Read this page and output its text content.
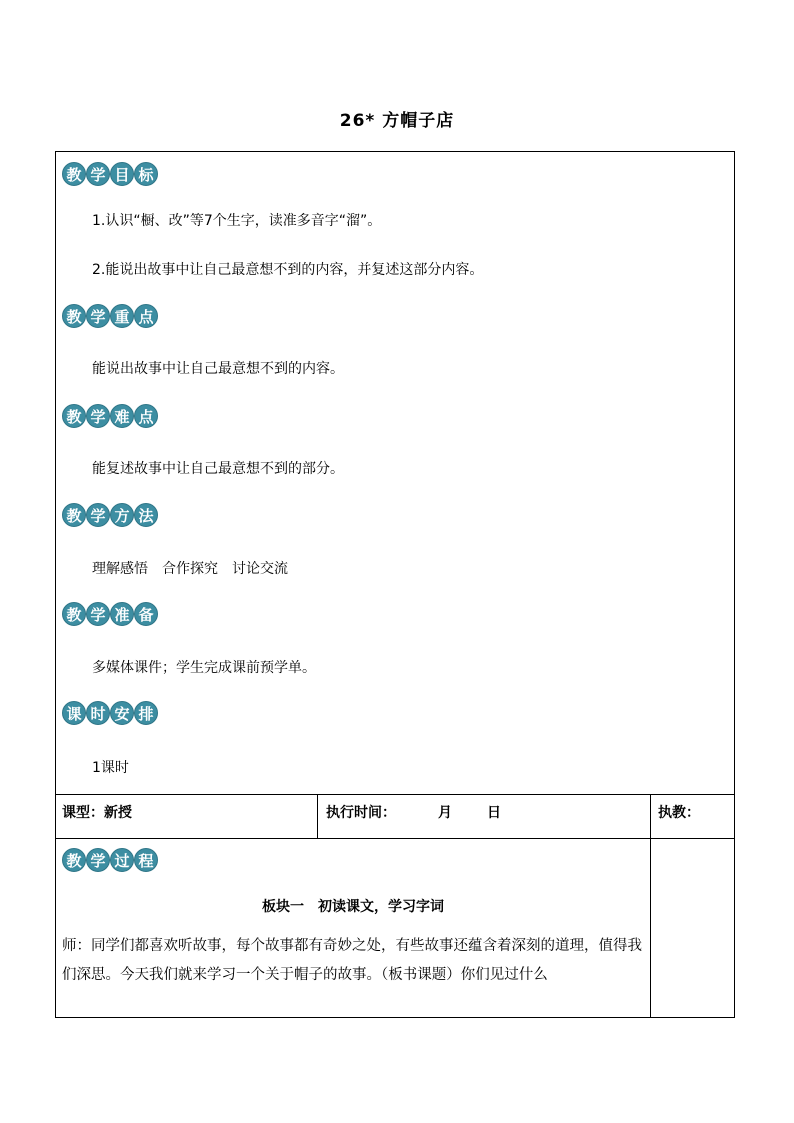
26* 方帽子店
教 学 目 标
1.认识“橱、改”等7个生字，读准多音字“溜”。
2.能说出故事中让自己最意想不到的内容，并复述这部分内容。
教 学 重 点
能说出故事中让自己最意想不到的内容。
教 学 难 点
能复述故事中让自己最意想不到的部分。
教 学 方 法
理解感悟　合作探究　讨论交流
教 学 准 备
多媒体课件；学生完成课前预学单。
课 时 安 排
1课时
课型：新授	执行时间：	月	日	执教：
教 学 过 程
板块一　初读课文，学习字词
师：同学们都喜欢听故事，每个故事都有奇妙之处，有些故事还蕴含着深刻的道理，值得我们深思。今天我们就来学习一个关于帽子的故事。（板书课题）你们见过什么
